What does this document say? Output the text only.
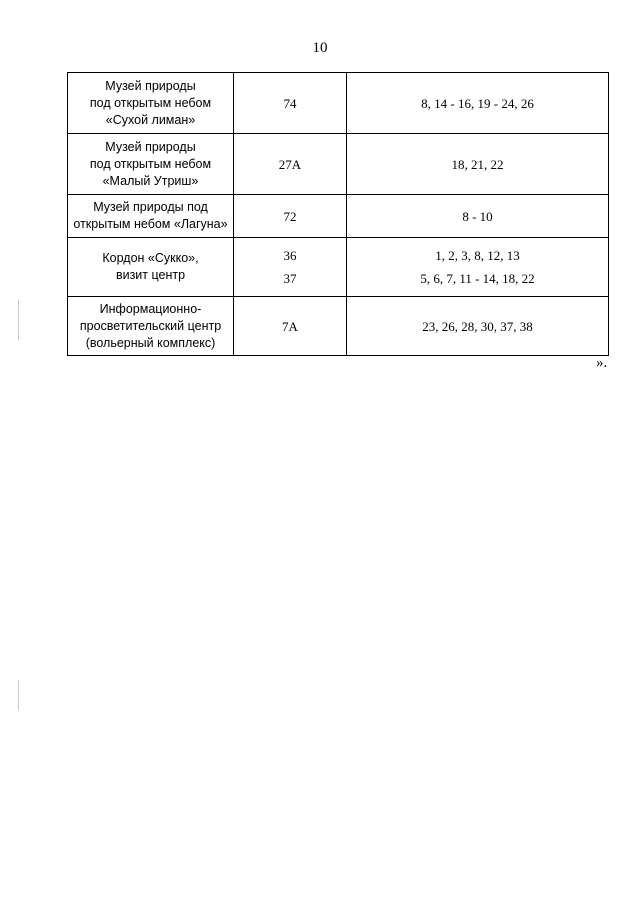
10
Музей природы
под открытым небом
«Сухой лиман»	74	8, 14 - 16, 19 - 24, 26

Музей природы
под открытым небом
«Малый Утриш»	27А	18, 21, 22

Музей природы под
открытым небом «Лагуна»	72	8 - 10

Кордон «Сукко»,
визит центр	36	1, 2, 3, 8, 12, 13
	37	5, 6, 7, 11 - 14, 18, 22

Информационно-
просветительский центр
(вольерный комплекс)	7А	23, 26, 28, 30, 37, 38
».
